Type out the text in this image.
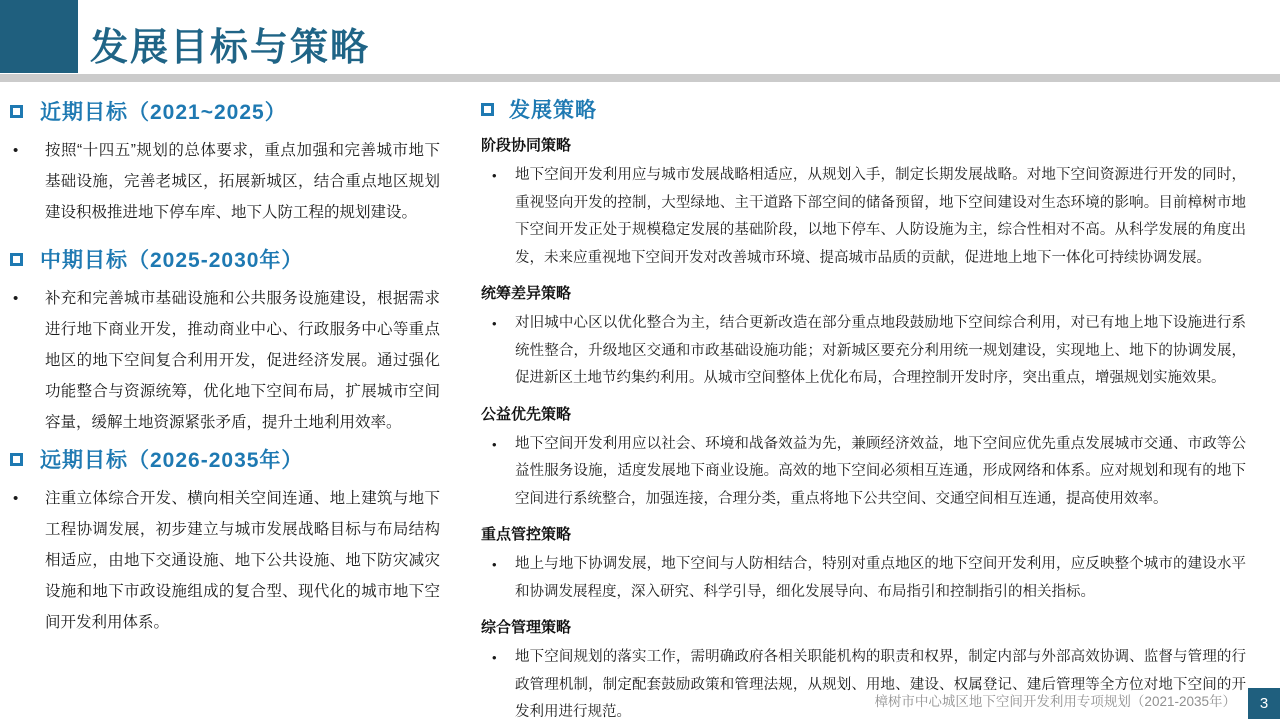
发展目标与策略
近期目标（2021~2025）
•	按照“十四五”规划的总体要求，重点加强和完善城市地下基础设施，完善老城区，拓展新城区，结合重点地区规划建设积极推进地下停车库、地下人防工程的规划建设。
中期目标（2025-2030年）
•	补充和完善城市基础设施和公共服务设施建设，根据需求进行地下商业开发，推动商业中心、行政服务中心等重点地区的地下空间复合利用开发，促进经济发展。通过强化功能整合与资源统筹，优化地下空间布局，扩展城市空间容量，缓解土地资源紧张矛盾，提升土地利用效率。
远期目标（2026-2035年）
•	注重立体综合开发、横向相关空间连通、地上建筑与地下工程协调发展，初步建立与城市发展战略目标与布局结构相适应，由地下交通设施、地下公共设施、地下防灾减灾设施和地下市政设施组成的复合型、现代化的城市地下空间开发利用体系。
发展策略
阶段协同策略
•	地下空间开发利用应与城市发展战略相适应，从规划入手，制定长期发展战略。对地下空间资源进行开发的同时，重视竖向开发的控制，大型绿地、主干道路下部空间的储备预留，地下空间建设对生态环境的影响。目前樟树市地下空间开发正处于规模稳定发展的基础阶段，以地下停车、人防设施为主，综合性相对不高。从科学发展的角度出发，未来应重视地下空间开发对改善城市环境、提高城市品质的贡献，促进地上地下一体化可持续协调发展。
统筹差异策略
•	对旧城中心区以优化整合为主，结合更新改造在部分重点地段鼓励地下空间综合利用，对已有地上地下设施进行系统性整合，升级地区交通和市政基础设施功能；对新城区要充分利用统一规划建设，实现地上、地下的协调发展，促进新区土地节约集约利用。从城市空间整体上优化布局，合理控制开发时序，突出重点，增强规划实施效果。
公益优先策略
•	地下空间开发利用应以社会、环境和战备效益为先，兼顾经济效益，地下空间应优先重点发展城市交通、市政等公益性服务设施，适度发展地下商业设施。高效的地下空间必须相互连通，形成网络和体系。应对规划和现有的地下空间进行系统整合，加强连接，合理分类，重点将地下公共空间、交通空间相互连通，提高使用效率。
重点管控策略
•	地上与地下协调发展，地下空间与人防相结合，特别对重点地区的地下空间开发利用，应反映整个城市的建设水平和协调发展程度，深入研究、科学引导，细化发展导向、布局指引和控制指引的相关指标。
综合管理策略
•	地下空间规划的落实工作，需明确政府各相关职能机构的职责和权界，制定内部与外部高效协调、监督与管理的行政管理机制，制定配套鼓励政策和管理法规，从规划、用地、建设、权属登记、建后管理等全方位对地下空间的开发利用进行规范。
樟树市中心城区地下空间开发利用专项规划（2021-2035年）	3
